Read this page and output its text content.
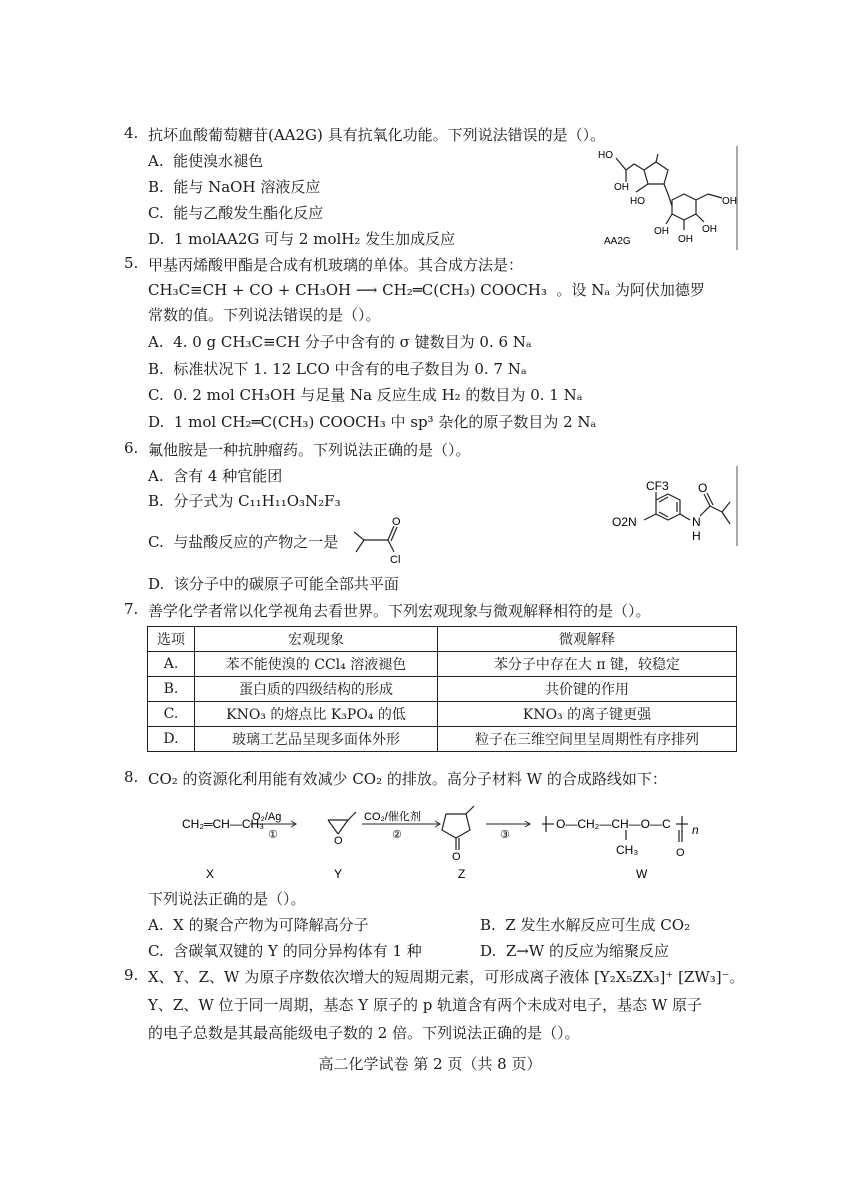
4. 抗坏血酸葡萄糖苷(AA2G) 具有抗氧化功能。下列说法错误的是（）。
A. 能使溴水褪色
B. 能与 NaOH 溶液反应
C. 能与乙酸发生酯化反应
D. 1 molAA2G 可与 2 molH₂ 发生加成反应
HO
OH
HO	OH
OH
OH
OH
AA2G
5. 甲基丙烯酸甲酯是合成有机玻璃的单体。其合成方法是：
CH₃C≡CH + CO + CH₃OH ⟶ CH₂═C(CH₃) COOCH₃ 。设 Nₐ 为阿伏加德罗
常数的值。下列说法错误的是（）。
A. 4. 0 g CH₃C≡CH 分子中含有的 σ 键数目为 0. 6 Nₐ
B. 标准状况下 1. 12 LCO 中含有的电子数目为 0. 7 Nₐ
C. 0. 2 mol CH₃OH 与足量 Na 反应生成 H₂ 的数目为 0. 1 Nₐ
D. 1 mol CH₂═C(CH₃) COOCH₃ 中 sp³ 杂化的原子数目为 2 Nₐ
6. 氟他胺是一种抗肿瘤药。下列说法正确的是（）。
A. 含有 4 种官能团
B. 分子式为 C₁₁H₁₁O₃N₂F₃
C. 与盐酸反应的产物之一是
O
Cl
D. 该分子中的碳原子可能全部共平面
CF3
O2N
O
N
H
7. 善学化学者常以化学视角去看世界。下列宏观现象与微观解释相符的是（）。
选项	宏观现象	微观解释
A.	苯不能使溴的 CCl₄ 溶液褪色	苯分子中存在大 π 键，较稳定
B.	蛋白质的四级结构的形成	共价键的作用
C.	KNO₃ 的熔点比 K₃PO₄ 的低	KNO₃ 的离子键更强
D.	玻璃工艺品呈现多面体外形	粒子在三维空间里呈周期性有序排列
8. CO₂ 的资源化利用能有效减少 CO₂ 的排放。高分子材料 W 的合成路线如下：
CH₂═CH—CH₃
O₂/Ag
①	O
CO₂/催化剂
②
O
③
O—CH₂—CH—O—C n
CH₃	O
X	Y	Z	W
下列说法正确的是（）。
A. X 的聚合产物为可降解高分子	B. Z 发生水解反应可生成 CO₂
C. 含碳氧双键的 Y 的同分异构体有 1 种	D. Z→W 的反应为缩聚反应
9. X、Y、Z、W 为原子序数依次增大的短周期元素，可形成离子液体 [Y₂X₅ZX₃]⁺ [ZW₃]⁻。
Y、Z、W 位于同一周期，基态 Y 原子的 p 轨道含有两个未成对电子，基态 W 原子
的电子总数是其最高能级电子数的 2 倍。下列说法正确的是（）。
高二化学试卷 第 2 页（共 8 页）
